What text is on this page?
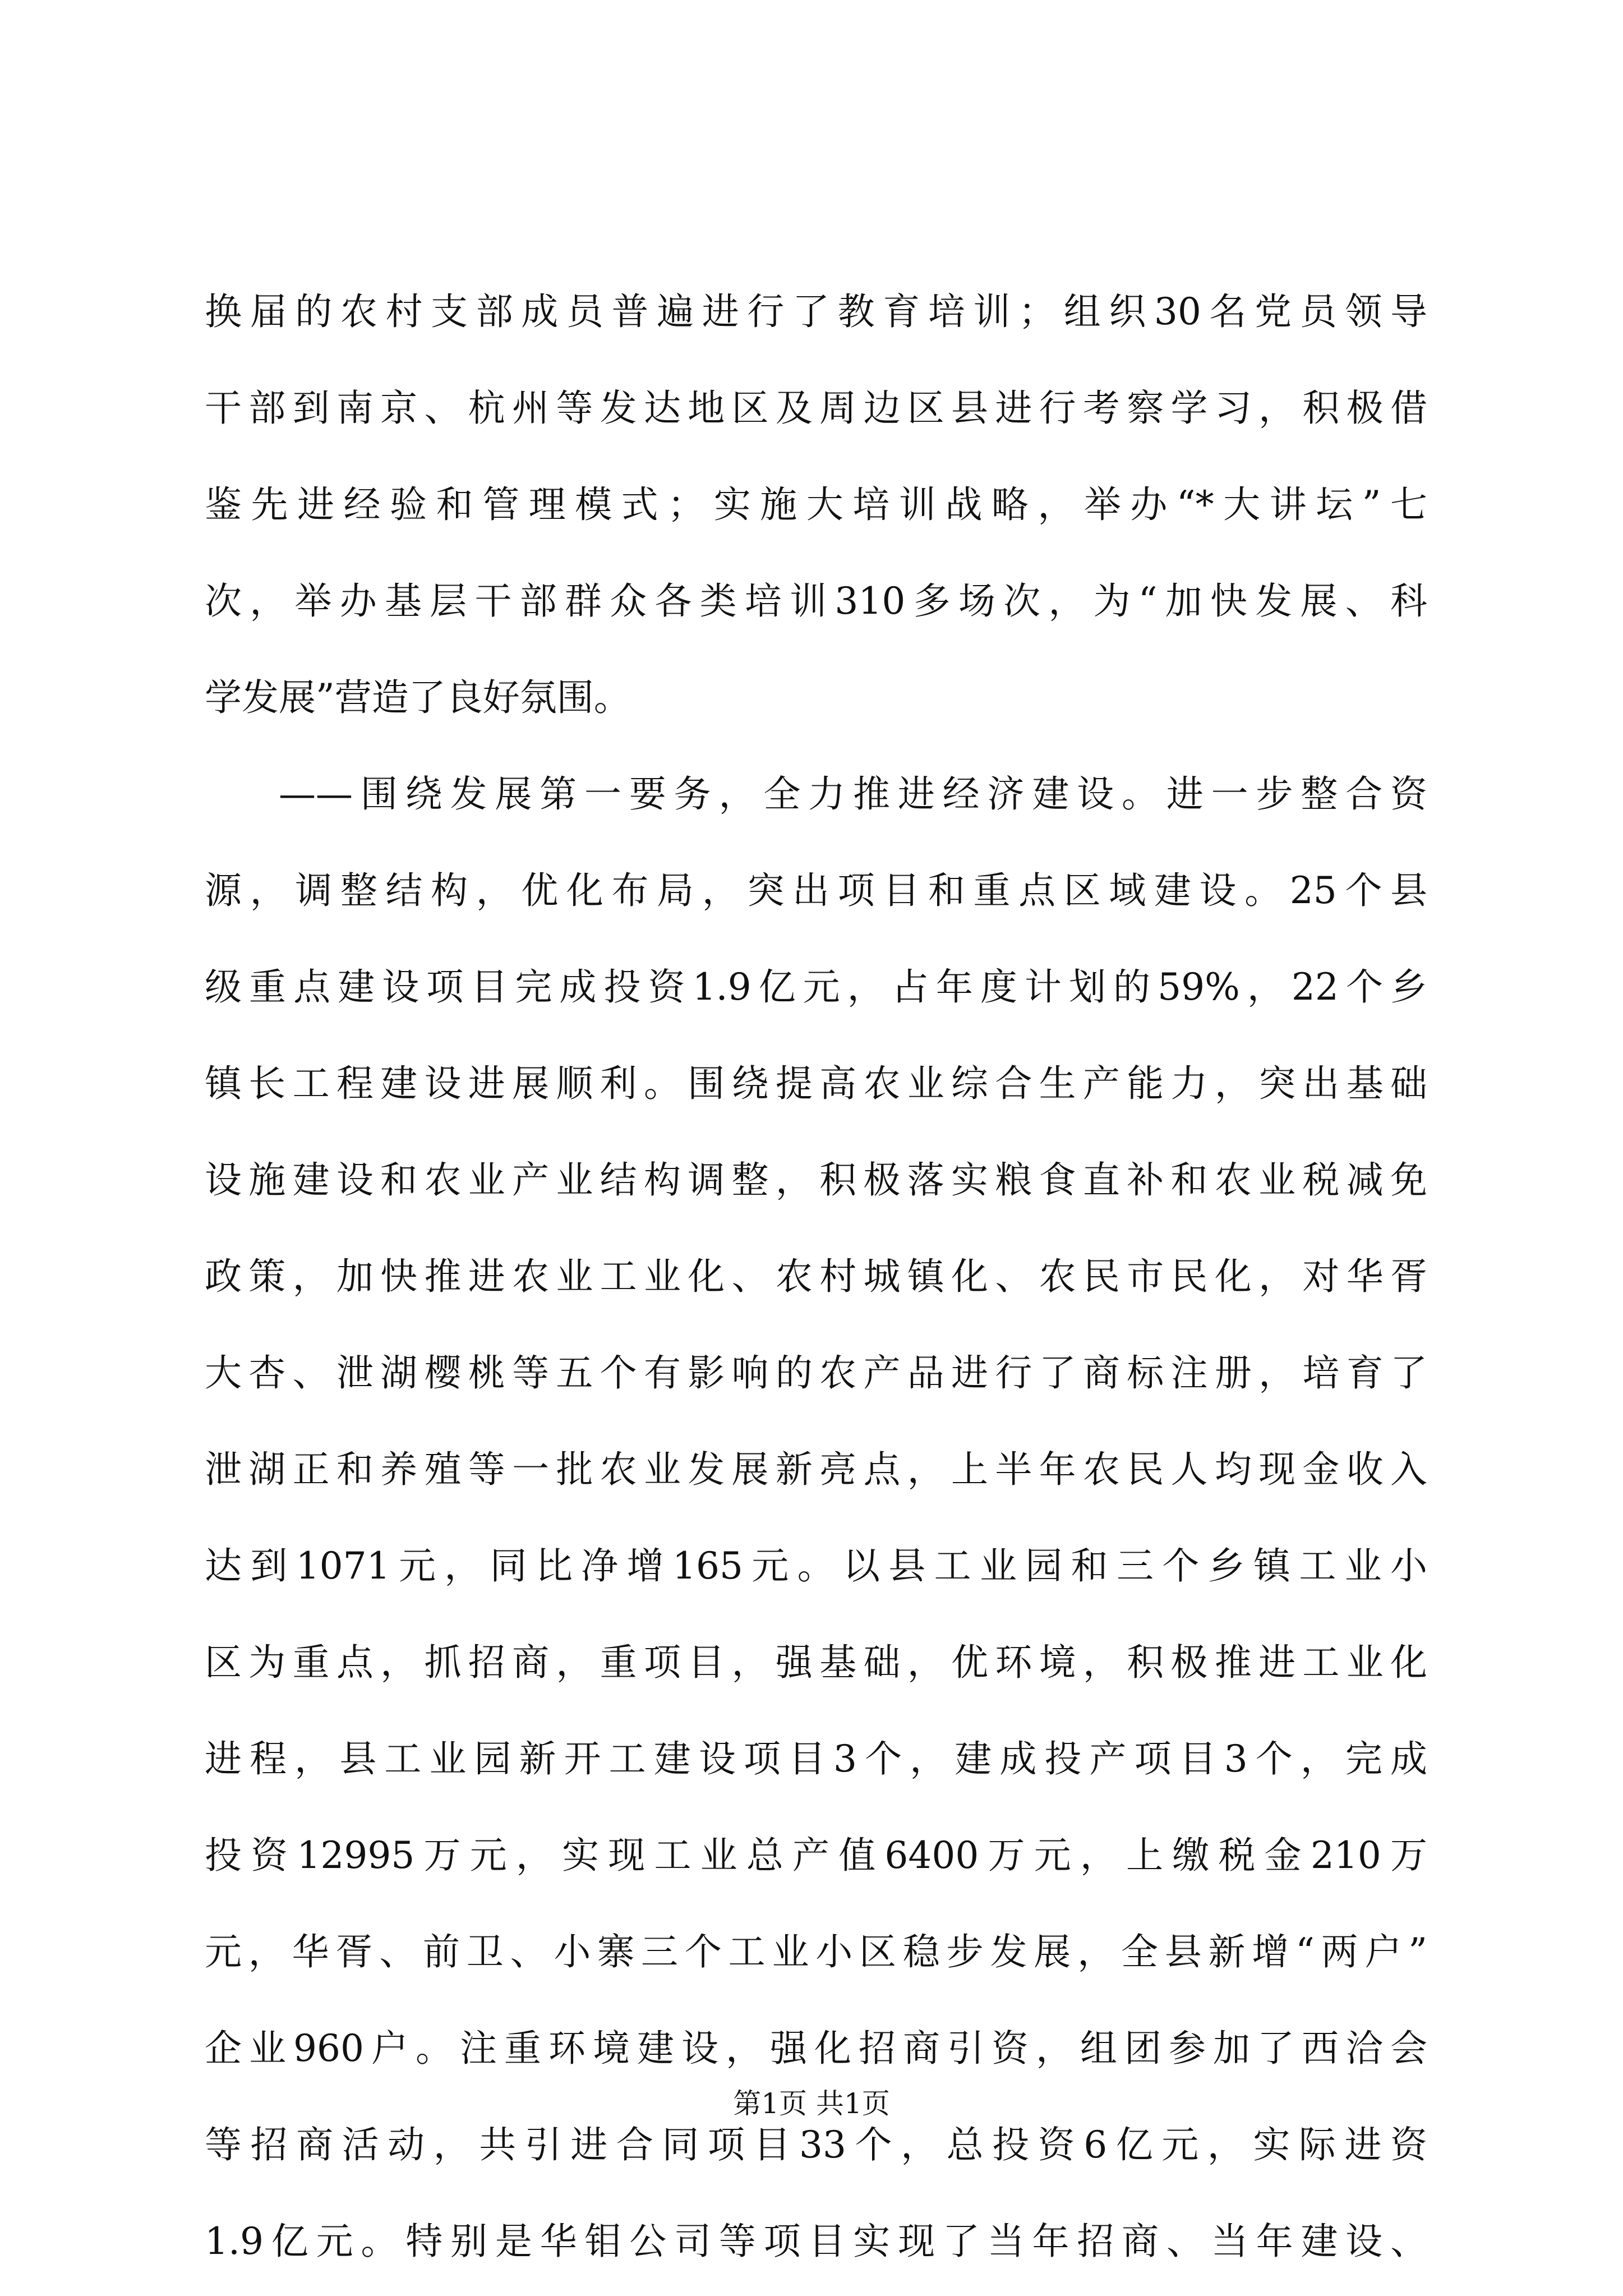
换届的农村支部成员普遍进行了教育培训；组织30名党员领导
干部到南京、杭州等发达地区及周边区县进行考察学习，积极借
鉴先进经验和管理模式；实施大培训战略，举办“*大讲坛”七
次，举办基层干部群众各类培训310多场次，为“加快发展、科
学发展”营造了良好氛围。
——围绕发展第一要务，全力推进经济建设。进一步整合资
源，调整结构，优化布局，突出项目和重点区域建设。25个县
级重点建设项目完成投资1.9亿元，占年度计划的59%，22个乡
镇长工程建设进展顺利。围绕提高农业综合生产能力，突出基础
设施建设和农业产业结构调整，积极落实粮食直补和农业税减免
政策，加快推进农业工业化、农村城镇化、农民市民化，对华胥
大杏、泄湖樱桃等五个有影响的农产品进行了商标注册，培育了
泄湖正和养殖等一批农业发展新亮点，上半年农民人均现金收入
达到1071元，同比净增165元。以县工业园和三个乡镇工业小
区为重点，抓招商，重项目，强基础，优环境，积极推进工业化
进程，县工业园新开工建设项目3个，建成投产项目3个，完成
投资12995万元，实现工业总产值6400万元，上缴税金210万
元，华胥、前卫、小寨三个工业小区稳步发展，全县新增“两户”
企业960户。注重环境建设，强化招商引资，组团参加了西洽会
等招商活动，共引进合同项目33个，总投资6亿元，实际进资
1.9亿元。特别是华钼公司等项目实现了当年招商、当年建设、
第1页 共1页
